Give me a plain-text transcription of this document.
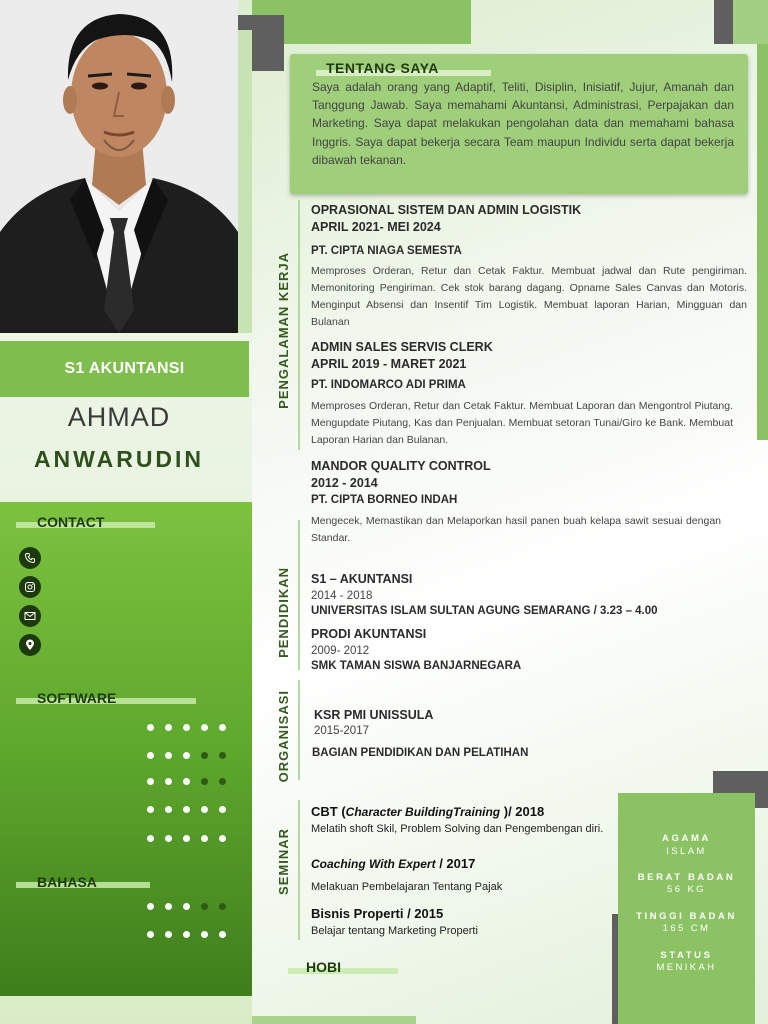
S1 AKUNTANSI
AHMAD
ANWARUDIN
CONTACT
SOFTWARE
BAHASA
TENTANG SAYA
Saya adalah orang yang Adaptif, Teliti, Disiplin, Inisiatif, Jujur, Amanah dan Tanggung Jawab. Saya memahami Akuntansi, Administrasi, Perpajakan dan Marketing. Saya dapat melakukan pengolahan data dan memahami bahasa Inggris. Saya dapat bekerja secara Team maupun Individu serta dapat bekerja dibawah tekanan.
PENGALAMAN KERJA
OPRASIONAL SISTEM DAN ADMIN LOGISTIK
APRIL 2021- MEI 2024
PT. CIPTA NIAGA SEMESTA
Memproses Orderan, Retur dan Cetak Faktur. Membuat jadwal dan Rute pengiriman. Memonitoring Pengiriman. Cek stok barang dagang. Opname Sales Canvas dan Motoris. Menginput Absensi dan Insentif Tim Logistik. Membuat laporan Harian, Mingguan dan Bulanan
ADMIN SALES SERVIS CLERK
APRIL 2019 - MARET 2021
PT. INDOMARCO ADI PRIMA
Memproses Orderan, Retur dan Cetak Faktur. Membuat Laporan dan Mengontrol Piutang. Mengupdate Piutang, Kas dan Penjualan. Membuat setoran Tunai/Giro ke Bank. Membuat Laporan Harian dan Bulanan.
MANDOR QUALITY CONTROL
2012 - 2014
PT. CIPTA BORNEO INDAH
Mengecek, Memastikan dan Melaporkan hasil panen buah kelapa sawit sesuai dengan Standar.
PENDIDIKAN S1 – AKUNTANSI
2014 - 2018
UNIVERSITAS ISLAM SULTAN AGUNG SEMARANG / 3.23 – 4.00
PRODI AKUNTANSI
2009- 2012
SMK TAMAN SISWA BANJARNEGARA
ORGANISASI KSR PMI UNISSULA
2015-2017
BAGIAN PENDIDIKAN DAN PELATIHAN
SEMINAR
CBT (Character BuildingTraining )/ 2018
Melatih shoft Skil, Problem Solving dan Pengembengan diri.
Coaching With Expert / 2017
Melakuan Pembelajaran Tentang Pajak
Bisnis Properti / 2015
Belajar tentang Marketing Properti
HOBI
AGAMA
ISLAM
BERAT BADAN
56 KG
TINGGI BADAN
165 CM
STATUS
MENIKAH
